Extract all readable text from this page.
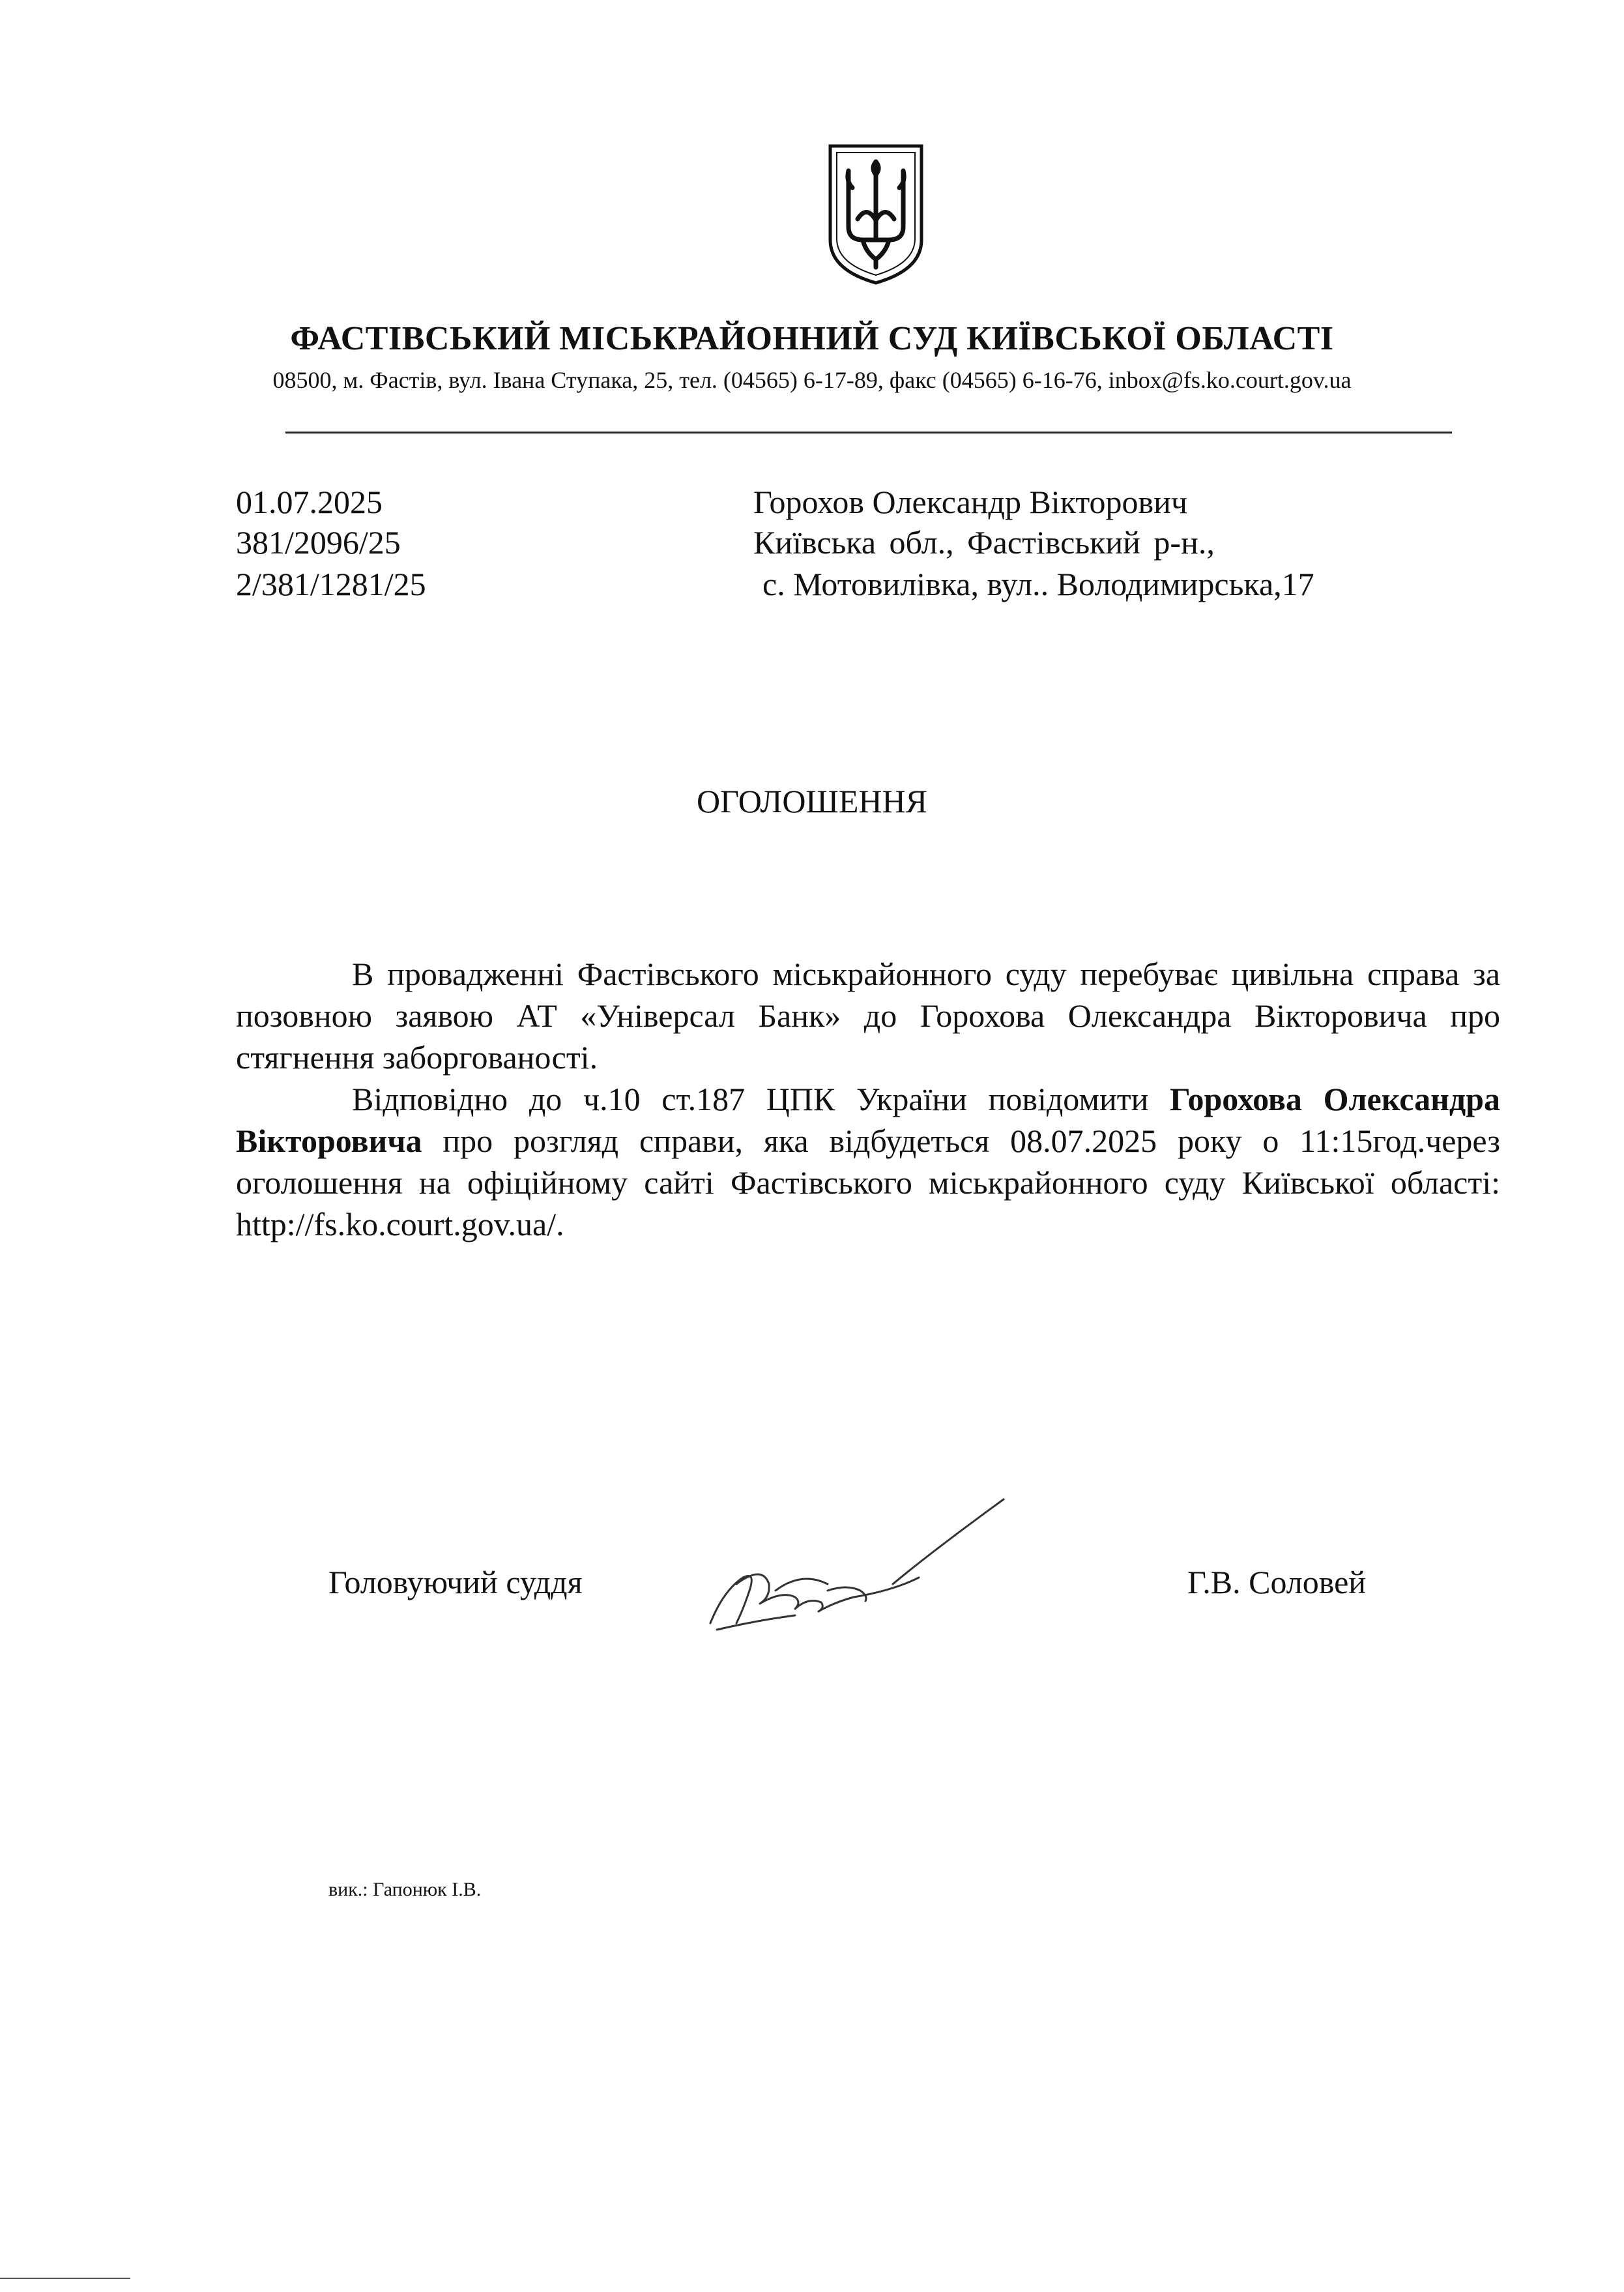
ФАСТІВСЬКИЙ МІСЬКРАЙОННИЙ СУД КИЇВСЬКОЇ ОБЛАСТІ
08500, м. Фастів, вул. Івана Ступака, 25, тел. (04565) 6-17-89, факс (04565) 6-16-76, inbox@fs.ko.court.gov.ua
01.07.2025
381/2096/25
2/381/1281/25
Горохов Олександр Вікторович
Київська обл., Фастівський р-н.,
с. Мотовилівка, вул.. Володимирська,17
ОГОЛОШЕННЯ

В провадженні Фастівського міськрайонного суду перебуває цивільна справа за позовною заявою АТ «Універсал Банк» до Горохова Олександра Вікторовича про стягнення заборгованості.

Відповідно до ч.10 ст.187 ЦПК України повідомити Горохова Олександра Вікторовича про розгляд справи, яка відбудеться 08.07.2025 року о 11:15год.через оголошення на офіційному сайті Фастівського міськрайонного суду Київської області: http://fs.ko.court.gov.ua/.

Головуючий суддя	Г.В. Соловей
вик.: Гапонюк І.В.
